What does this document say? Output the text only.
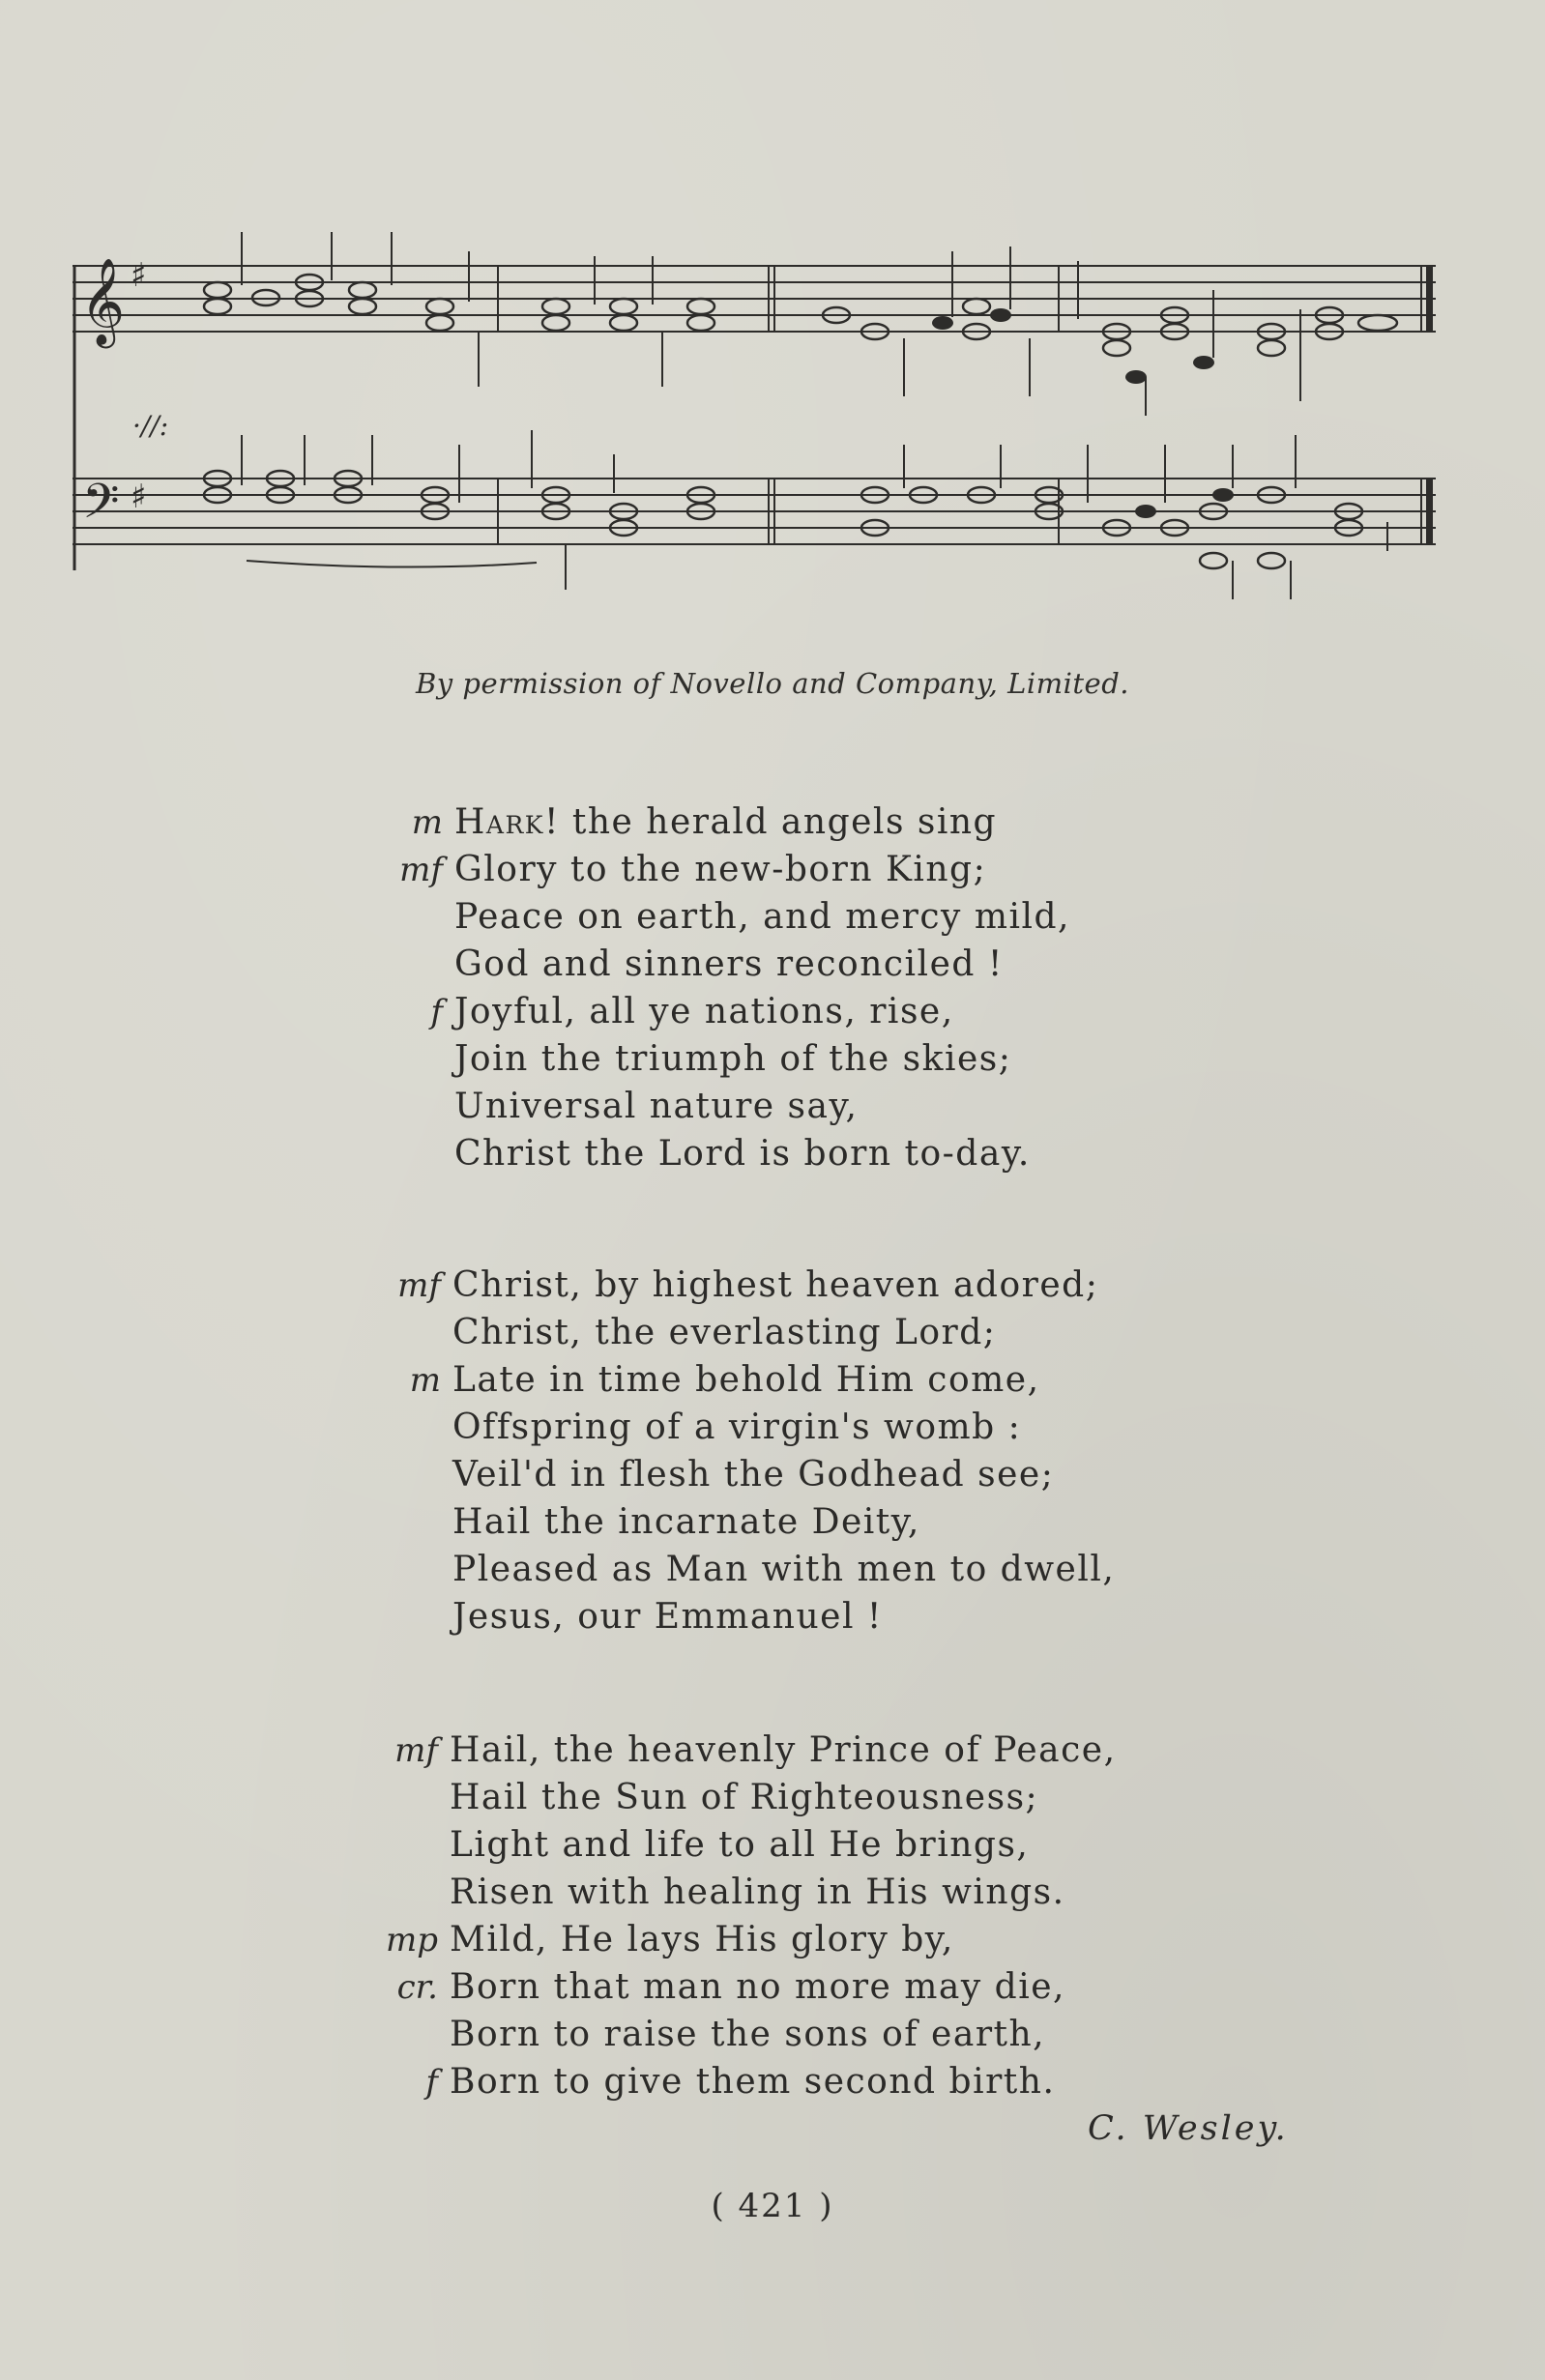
𝄞 ♯
𝄢 ♯
·//:
By permission of Novello and Company, Limited.
m Hark! the herald angels sing
mf Glory to the new-born King;
Peace on earth, and mercy mild,
God and sinners reconciled !
f Joyful, all ye nations, rise,
Join the triumph of the skies;
Universal nature say,
Christ the Lord is born to-day.
mf Christ, by highest heaven adored;
Christ, the everlasting Lord;
m Late in time behold Him come,
Offspring of a virgin's womb :
Veil'd in flesh the Godhead see;
Hail the incarnate Deity,
Pleased as Man with men to dwell,
Jesus, our Emmanuel !
mf Hail, the heavenly Prince of Peace,
Hail the Sun of Righteousness;
Light and life to all He brings,
Risen with healing in His wings.
mp Mild, He lays His glory by,
cr. Born that man no more may die,
Born to raise the sons of earth,
f Born to give them second birth.
C. Wesley.
( 421 )
